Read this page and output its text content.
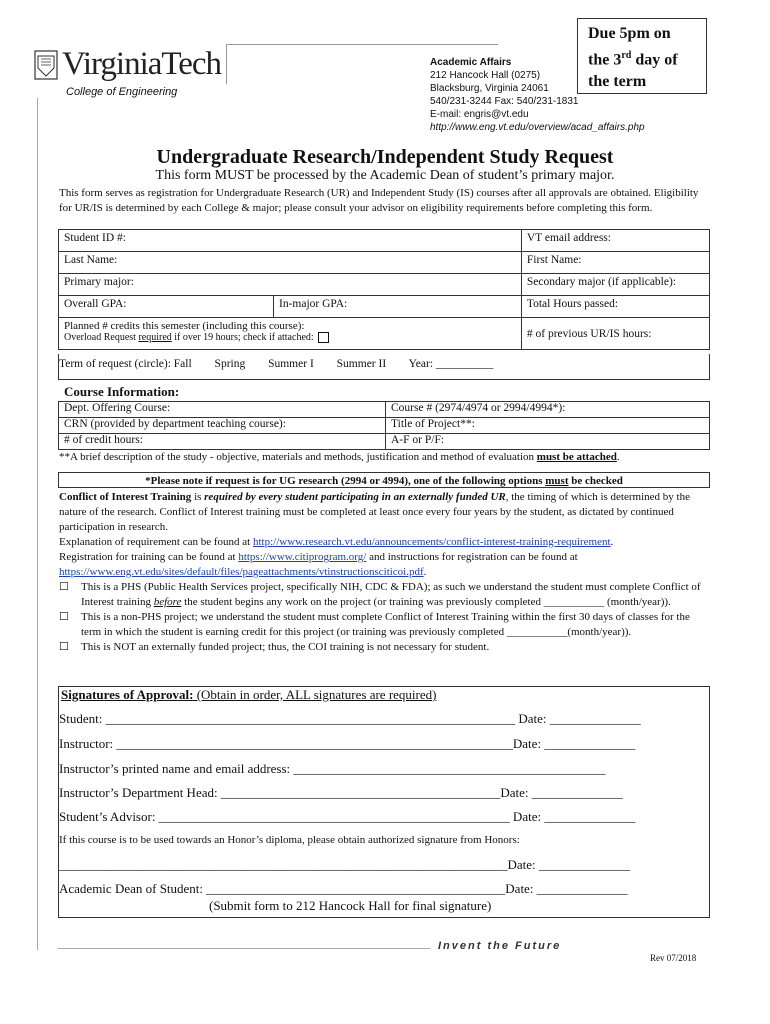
VirginiaTech
College of Engineering
Academic Affairs
212 Hancock Hall (0275)
Blacksburg, Virginia 24061
540/231-3244 Fax: 540/231-1831
E-mail: engris@vt.edu
http://www.eng.vt.edu/overview/acad_affairs.php
Due 5pm on
the 3rd day of
the term
Undergraduate Research/Independent Study Request
This form MUST be processed by the Academic Dean of student’s primary major.
This form serves as registration for Undergraduate Research (UR) and Independent Study (IS) courses after all approvals are obtained. Eligibility for UR/IS is determined by each College & major; please consult your advisor on eligibility requirements before completing this form.
Student ID #:		VT email address:
Last Name:		First Name:
Primary major:		Secondary major (if applicable):
Overall GPA:	In-major GPA:	Total Hours passed:

Planned # credits this semester (including this course):
Overload Request required if over 19 hours; check if attached:		# of previous UR/IS hours:
Term of request (circle): Fall Spring Summer I Summer II Year: __________
Course Information:
Dept. Offering Course:	Course # (2974/4974 or 2994/4994*):
CRN (provided by department teaching course):	Title of Project**:
# of credit hours:	A-F or P/F:
**A brief description of the study - objective, materials and methods, justification and method of evaluation must be attached.
*Please note if request is for UG research (2994 or 4994), one of the following options must be checked
Conflict of Interest Training is required by every student participating in an externally funded UR, the timing of which is determined by the nature of the research. Conflict of Interest training must be completed at least once every four years by the student, as dictated by continued participation in research.
Explanation of requirement can be found at http://www.research.vt.edu/announcements/conflict-interest-training-requirement.
Registration for training can be found at https://www.citiprogram.org/ and instructions for registration can be found at
https://www.eng.vt.edu/sites/default/files/pageattachments/vtinstructionsciticoi.pdf.
☐ This is a PHS (Public Health Services project, specifically NIH, CDC & FDA); as such we understand the student must complete Conflict of Interest training before the student begins any work on the project (or training was previously completed ___________ (month/year)).
☐ This is a non-PHS project; we understand the student must complete Conflict of Interest Training within the first 30 days of classes for the term in which the student is earning credit for this project (or training was previously completed ___________(month/year)).
☐ This is NOT an externally funded project; thus, the COI training is not necessary for student.
Signatures of Approval: (Obtain in order, ALL signatures are required)
Student: _______________________________________________________________ Date: ______________
Instructor: _____________________________________________________________Date: ______________
Instructor’s printed name and email address: ________________________________________________
Instructor’s Department Head: ___________________________________________Date: ______________
Student’s Advisor: ______________________________________________________ Date: ______________
If this course is to be used towards an Honor’s diploma, please obtain authorized signature from Honors:
_____________________________________________________________________Date: ______________
Academic Dean of Student: ______________________________________________Date: ______________
(Submit form to 212 Hancock Hall for final signature)
Invent the Future
Rev 07/2018
